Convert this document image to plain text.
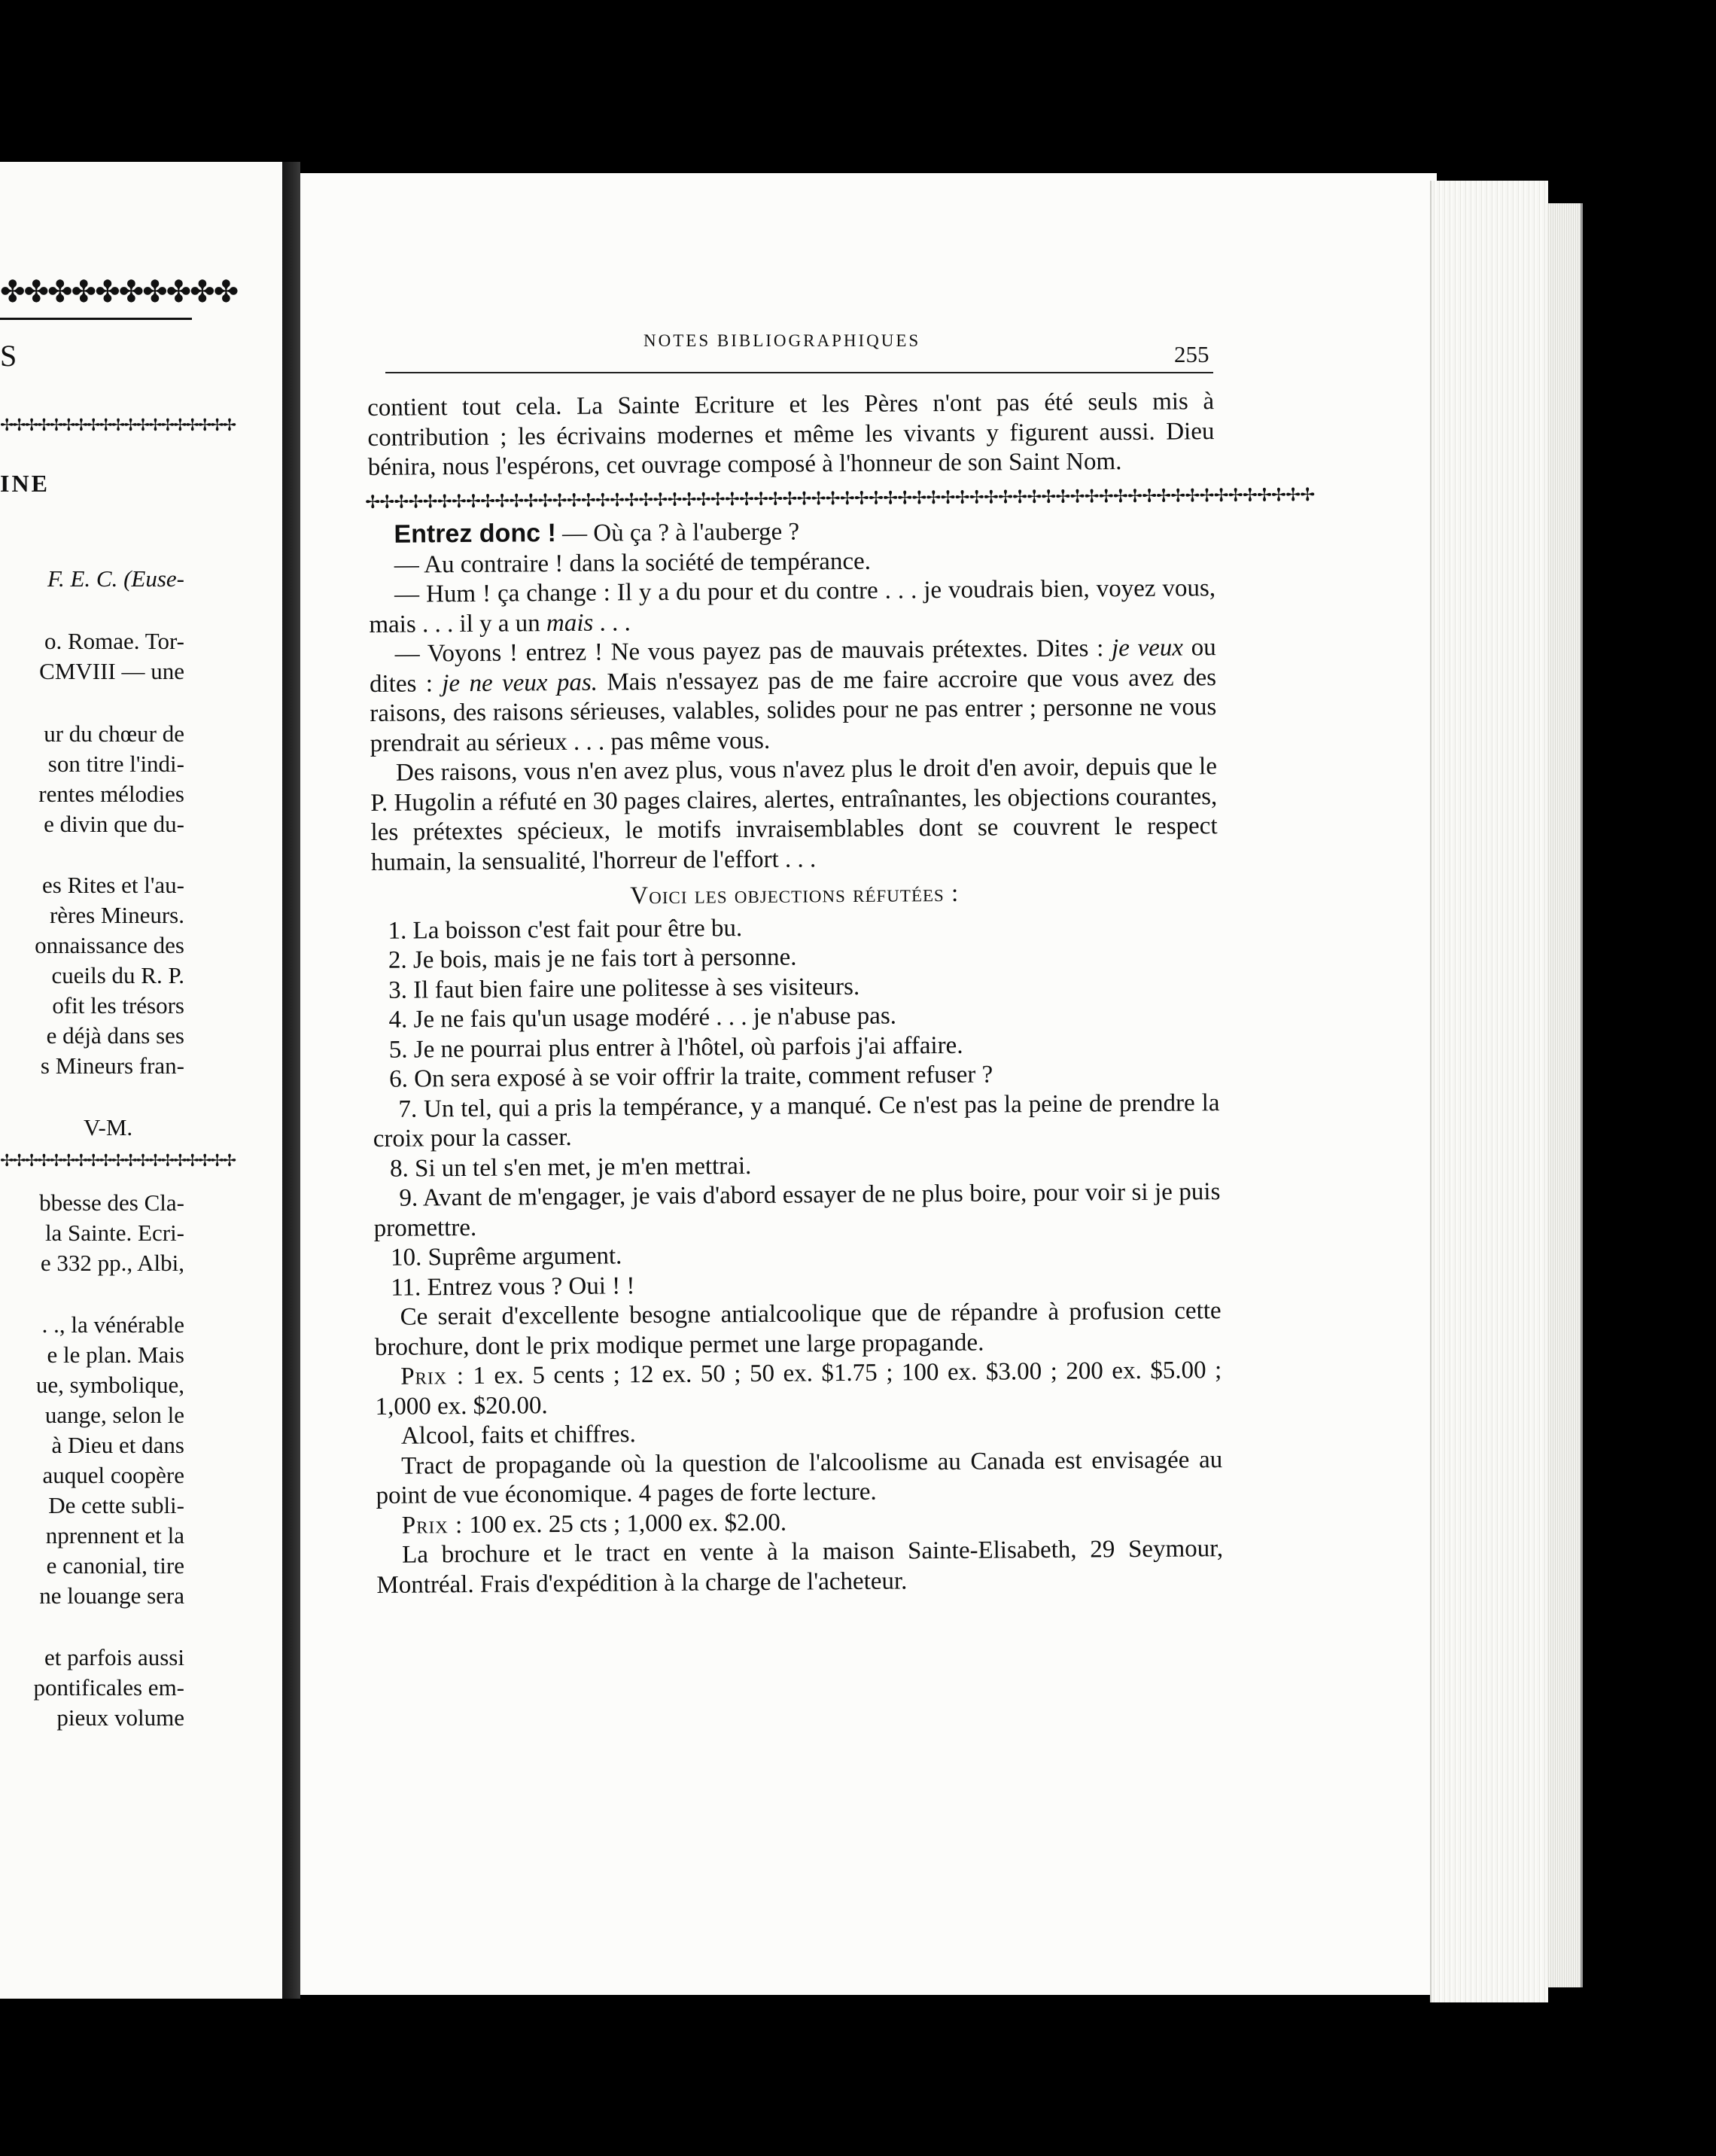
✤✤✤✤✤✤✤✤✤✤
S
✢✢✢✢✢✢✢✢✢✢✢✢✢✢✢✢✢✢✢
INE
F. E. C. (Euse-
o. Romae. Tor-
CMVIII — une
ur du chœur de
son titre l'indi-
rentes mélodies
e divin que du-
es Rites et l'au-
rères Mineurs.
onnaissance des
cueils du R. P.
ofit les trésors
e déjà dans ses
s Mineurs fran-
V-M.
✢✢✢✢✢✢✢✢✢✢✢✢✢✢✢✢✢✢✢
bbesse des Cla-
la Sainte. Ecri-
e 332 pp., Albi,
. ., la vénérable
e le plan. Mais
ue, symbolique,
uange, selon le
à Dieu et dans
auquel coopère
De cette subli-
nprennent et la
e canonial, tire
ne louange sera
et parfois aussi
pontificales em-
pieux volume
NOTES BIBLIOGRAPHIQUES
255

contient tout cela. La Sainte Ecriture et les Pères n'ont pas été seuls mis à contribution ; les écrivains modernes et même les vivants y figurent aussi. Dieu bénira, nous l'espérons, cet ouvrage composé à l'honneur de son Saint Nom.

✢✢✢✢✢✢✢✢✢✢✢✢✢✢✢✢✢✢✢✢✢✢✢✢✢✢✢✢✢✢✢✢✢✢✢✢✢✢✢✢✢✢✢✢✢✢✢✢✢✢✢✢✢✢✢✢✢✢✢✢✢✢✢✢✢✢

Entrez donc ! — Où ça ? à l'auberge ?

— Au contraire ! dans la société de tempérance.

— Hum ! ça change : Il y a du pour et du contre . . . je voudrais bien, voyez vous, mais . . . il y a un mais . . .

— Voyons ! entrez ! Ne vous payez pas de mauvais prétextes. Dites : je veux ou dites : je ne veux pas. Mais n'essayez pas de me faire accroire que vous avez des raisons, des raisons sérieuses, valables, solides pour ne pas entrer ; personne ne vous prendrait au sérieux . . . pas même vous.

Des raisons, vous n'en avez plus, vous n'avez plus le droit d'en avoir, depuis que le P. Hugolin a réfuté en 30 pages claires, alertes, entraînantes, les objections courantes, les prétextes spécieux, le motifs invraisemblables dont se couvrent le respect humain, la sensualité, l'horreur de l'effort . . .

Voici les objections réfutées :

1. La boisson c'est fait pour être bu.

2. Je bois, mais je ne fais tort à personne.

3. Il faut bien faire une politesse à ses visiteurs.

4. Je ne fais qu'un usage modéré . . . je n'abuse pas.

5. Je ne pourrai plus entrer à l'hôtel, où parfois j'ai affaire.

6. On sera exposé à se voir offrir la traite, comment refuser ?

7. Un tel, qui a pris la tempérance, y a manqué. Ce n'est pas la peine de prendre la croix pour la casser.

8. Si un tel s'en met, je m'en mettrai.

9. Avant de m'engager, je vais d'abord essayer de ne plus boire, pour voir si je puis promettre.

10. Suprême argument.

11. Entrez vous ? Oui ! !

Ce serait d'excellente besogne antialcoolique que de répandre à profusion cette brochure, dont le prix modique permet une large propagande.

Prix : 1 ex. 5 cents ; 12 ex. 50 ; 50 ex. $1.75 ; 100 ex. $3.00 ; 200 ex. $5.00 ; 1,000 ex. $20.00.

Alcool, faits et chiffres.

Tract de propagande où la question de l'alcoolisme au Canada est envisagée au point de vue économique. 4 pages de forte lecture.

Prix : 100 ex. 25 cts ; 1,000 ex. $2.00.

La brochure et le tract en vente à la maison Sainte-Elisabeth, 29 Seymour, Montréal. Frais d'expédition à la charge de l'acheteur.
